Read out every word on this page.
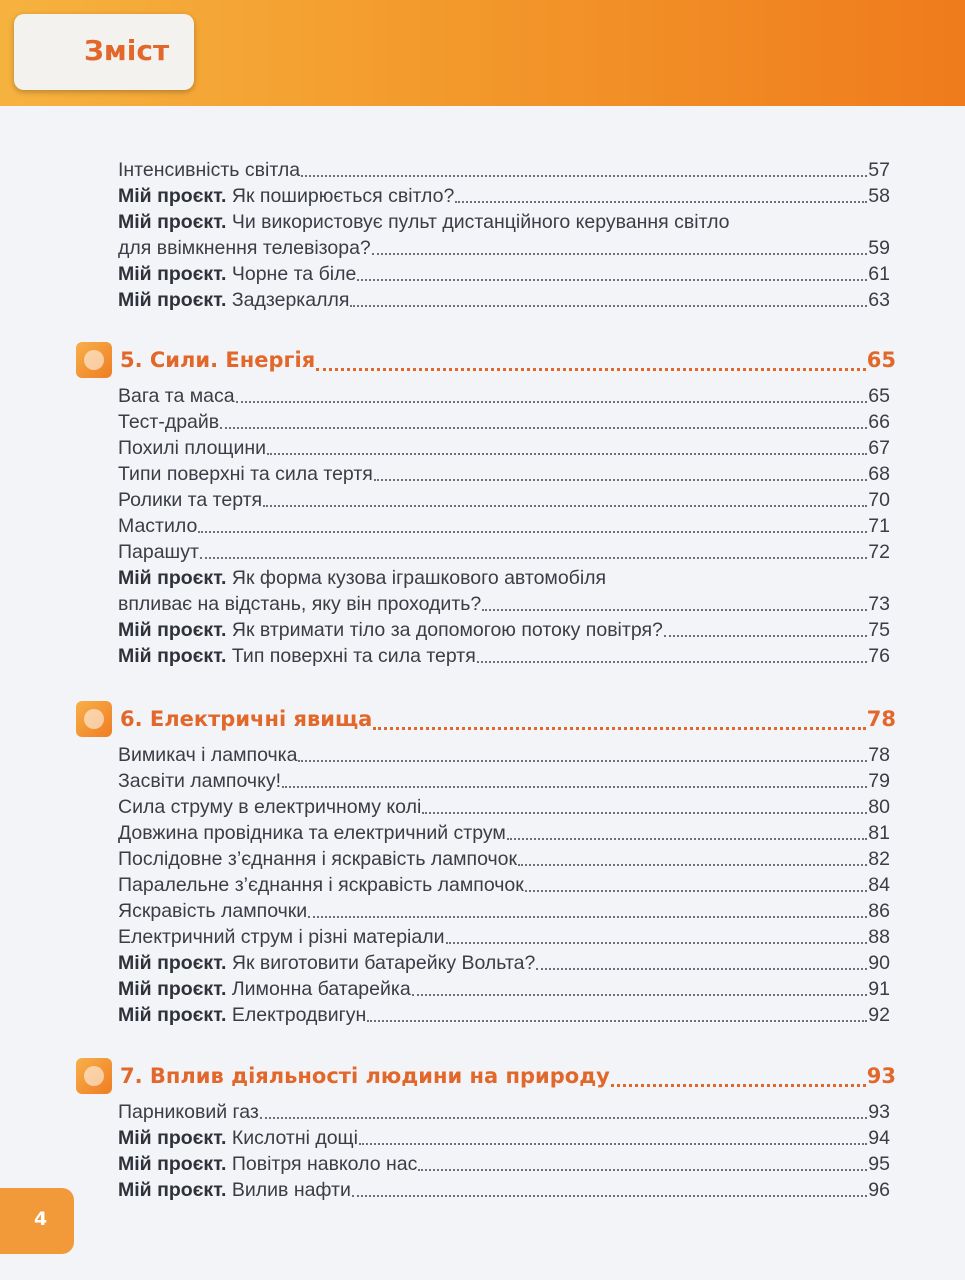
Зміст
Інтенсивність світла	57
Мій проєкт. Як поширюється світло?	58
Мій проєкт. Чи використовує пульт дистанційного керування світло
для ввімкнення телевізора?	59
Мій проєкт. Чорне та біле	61
Мій проєкт. Задзеркалля	63
5. Сили. Енергія	65
Вага та маса	65
Тест-драйв	66
Похилі площини	67
Типи поверхні та сила тертя	68
Ролики та тертя	70
Мастило	71
Парашут	72
Мій проєкт. Як форма кузова іграшкового автомобіля
впливає на відстань, яку він проходить?	73
Мій проєкт. Як втримати тіло за допомогою потоку повітря?	75
Мій проєкт. Тип поверхні та сила тертя	76
6. Електричні явища	78
Вимикач і лампочка	78
Засвіти лампочку!	79
Сила струму в електричному колі	80
Довжина провідника та електричний струм	81
Послідовне з’єднання і яскравість лампочок	82
Паралельне з’єднання і яскравість лампочок	84
Яскравість лампочки	86
Електричний струм і різні матеріали	88
Мій проєкт. Як виготовити батарейку Вольта?	90
Мій проєкт. Лимонна батарейка	91
Мій проєкт. Електродвигун	92
7. Вплив діяльності людини на природу	93
Парниковий газ	93
Мій проєкт. Кислотні дощі	94
Мій проєкт. Повітря навколо нас	95
Мій проєкт. Вилив нафти	96
4
